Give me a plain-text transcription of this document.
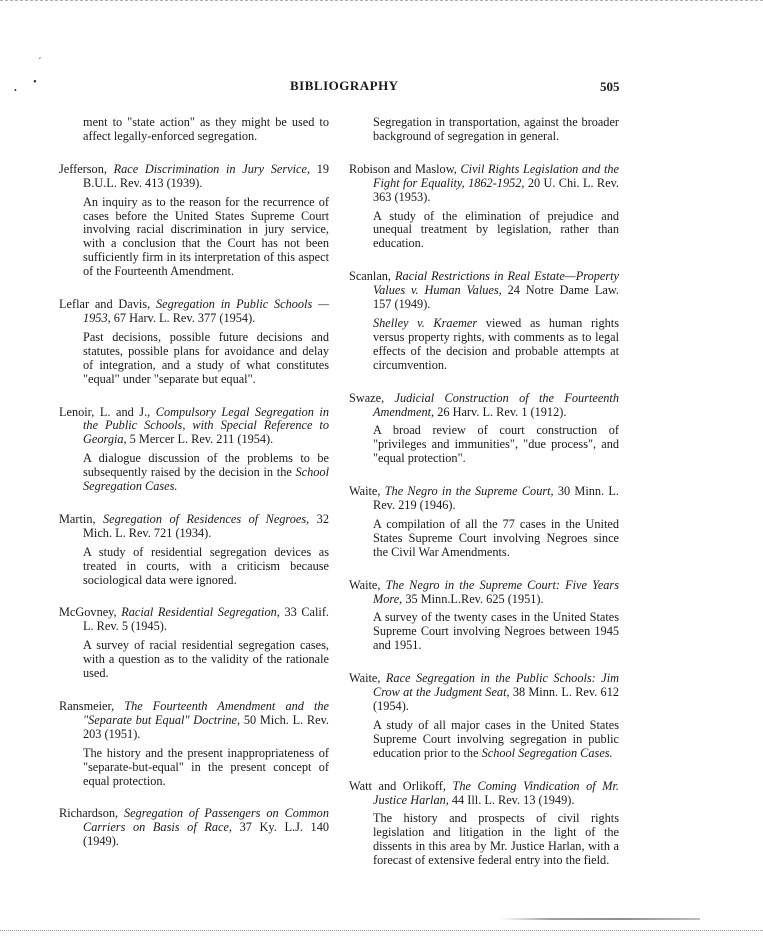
ˊ
•
•	BIBLIOGRAPHY	505
ment to "state action" as they might be used to affect legally-enforced segregation.
Jefferson, Race Discrimination in Jury Service, 19 B.U.L. Rev. 413 (1939).
An inquiry as to the reason for the recurrence of cases before the United States Supreme Court involving racial discrimination in jury service, with a conclusion that the Court has not been sufficiently firm in its interpretation of this aspect of the Fourteenth Amendment.
Leflar and Davis, Segregation in Public Schools —1953, 67 Harv. L. Rev. 377 (1954).
Past decisions, possible future decisions and statutes, possible plans for avoidance and delay of integration, and a study of what constitutes "equal" under "separate but equal".
Lenoir, L. and J., Compulsory Legal Segregation in the Public Schools, with Special Reference to Georgia, 5 Mercer L. Rev. 211 (1954).
A dialogue discussion of the problems to be subsequently raised by the decision in the School Segregation Cases.
Martin, Segregation of Residences of Negroes, 32 Mich. L. Rev. 721 (1934).
A study of residential segregation devices as treated in courts, with a criticism because sociological data were ignored.
McGovney, Racial Residential Segregation, 33 Calif. L. Rev. 5 (1945).
A survey of racial residential segregation cases, with a question as to the validity of the rationale used.
Ransmeier, The Fourteenth Amendment and the "Separate but Equal" Doctrine, 50 Mich. L. Rev. 203 (1951).
The history and the present inappropriateness of "separate-but-equal" in the present concept of equal protection.
Richardson, Segregation of Passengers on Common Carriers on Basis of Race, 37 Ky. L.J. 140 (1949).
Segregation in transportation, against the broader background of segregation in general.
Robison and Maslow, Civil Rights Legislation and the Fight for Equality, 1862-1952, 20 U. Chi. L. Rev. 363 (1953).
A study of the elimination of prejudice and unequal treatment by legislation, rather than education.
Scanlan, Racial Restrictions in Real Estate—Property Values v. Human Values, 24 Notre Dame Law. 157 (1949).
Shelley v. Kraemer viewed as human rights versus property rights, with comments as to legal effects of the decision and probable attempts at circumvention.
Swaze, Judicial Construction of the Fourteenth Amendment, 26 Harv. L. Rev. 1 (1912).
A broad review of court construction of "privileges and immunities", "due process", and "equal protection".
Waite, The Negro in the Supreme Court, 30 Minn. L. Rev. 219 (1946).
A compilation of all the 77 cases in the United States Supreme Court involving Negroes since the Civil War Amendments.
Waite, The Negro in the Supreme Court: Five Years More, 35 Minn.L.Rev. 625 (1951).
A survey of the twenty cases in the United States Supreme Court involving Negroes between 1945 and 1951.
Waite, Race Segregation in the Public Schools: Jim Crow at the Judgment Seat, 38 Minn. L. Rev. 612 (1954).
A study of all major cases in the United States Supreme Court involving segregation in public education prior to the School Segregation Cases.
Watt and Orlikoff, The Coming Vindication of Mr. Justice Harlan, 44 Ill. L. Rev. 13 (1949).
The history and prospects of civil rights legislation and litigation in the light of the dissents in this area by Mr. Justice Harlan, with a forecast of extensive federal entry into the field.
